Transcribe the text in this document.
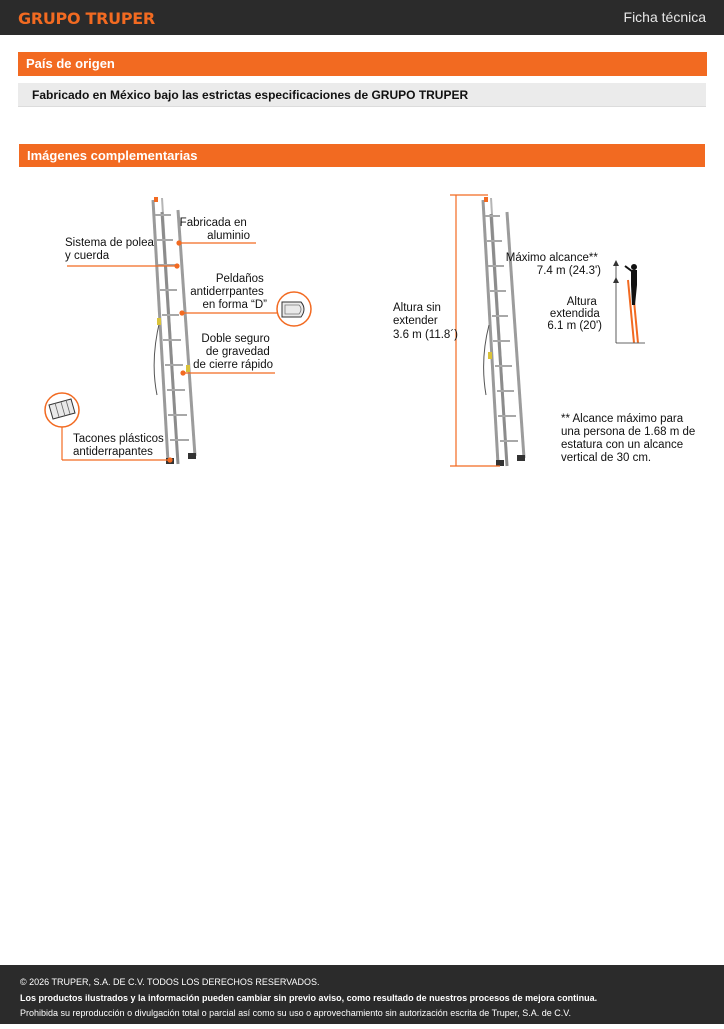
GRUPO TRUPER	Ficha técnica
País de origen
Fabricado en México bajo las estrictas especificaciones de GRUPO TRUPER
Imágenes complementarias
Fabricada en aluminio
Sistema de polea y cuerda
Peldaños antiderrpantes en forma “D”
Doble seguro de gravedad de cierre rápido
Tacones plásticos antiderrapantes
Altura sin extender 3.6 m (11.8´)
Máximo alcance** 7.4 m (24.3')
Altura extendida 6.1 m (20')
** Alcance máximo para una persona de 1.68 m de estatura con un alcance vertical de 30 cm.
© 2026 TRUPER, S.A. DE C.V. TODOS LOS DERECHOS RESERVADOS.
Los productos ilustrados y la información pueden cambiar sin previo aviso, como resultado de nuestros procesos de mejora continua.
Prohibida su reproducción o divulgación total o parcial así como su uso o aprovechamiento sin autorización escrita de Truper, S.A. de C.V.
